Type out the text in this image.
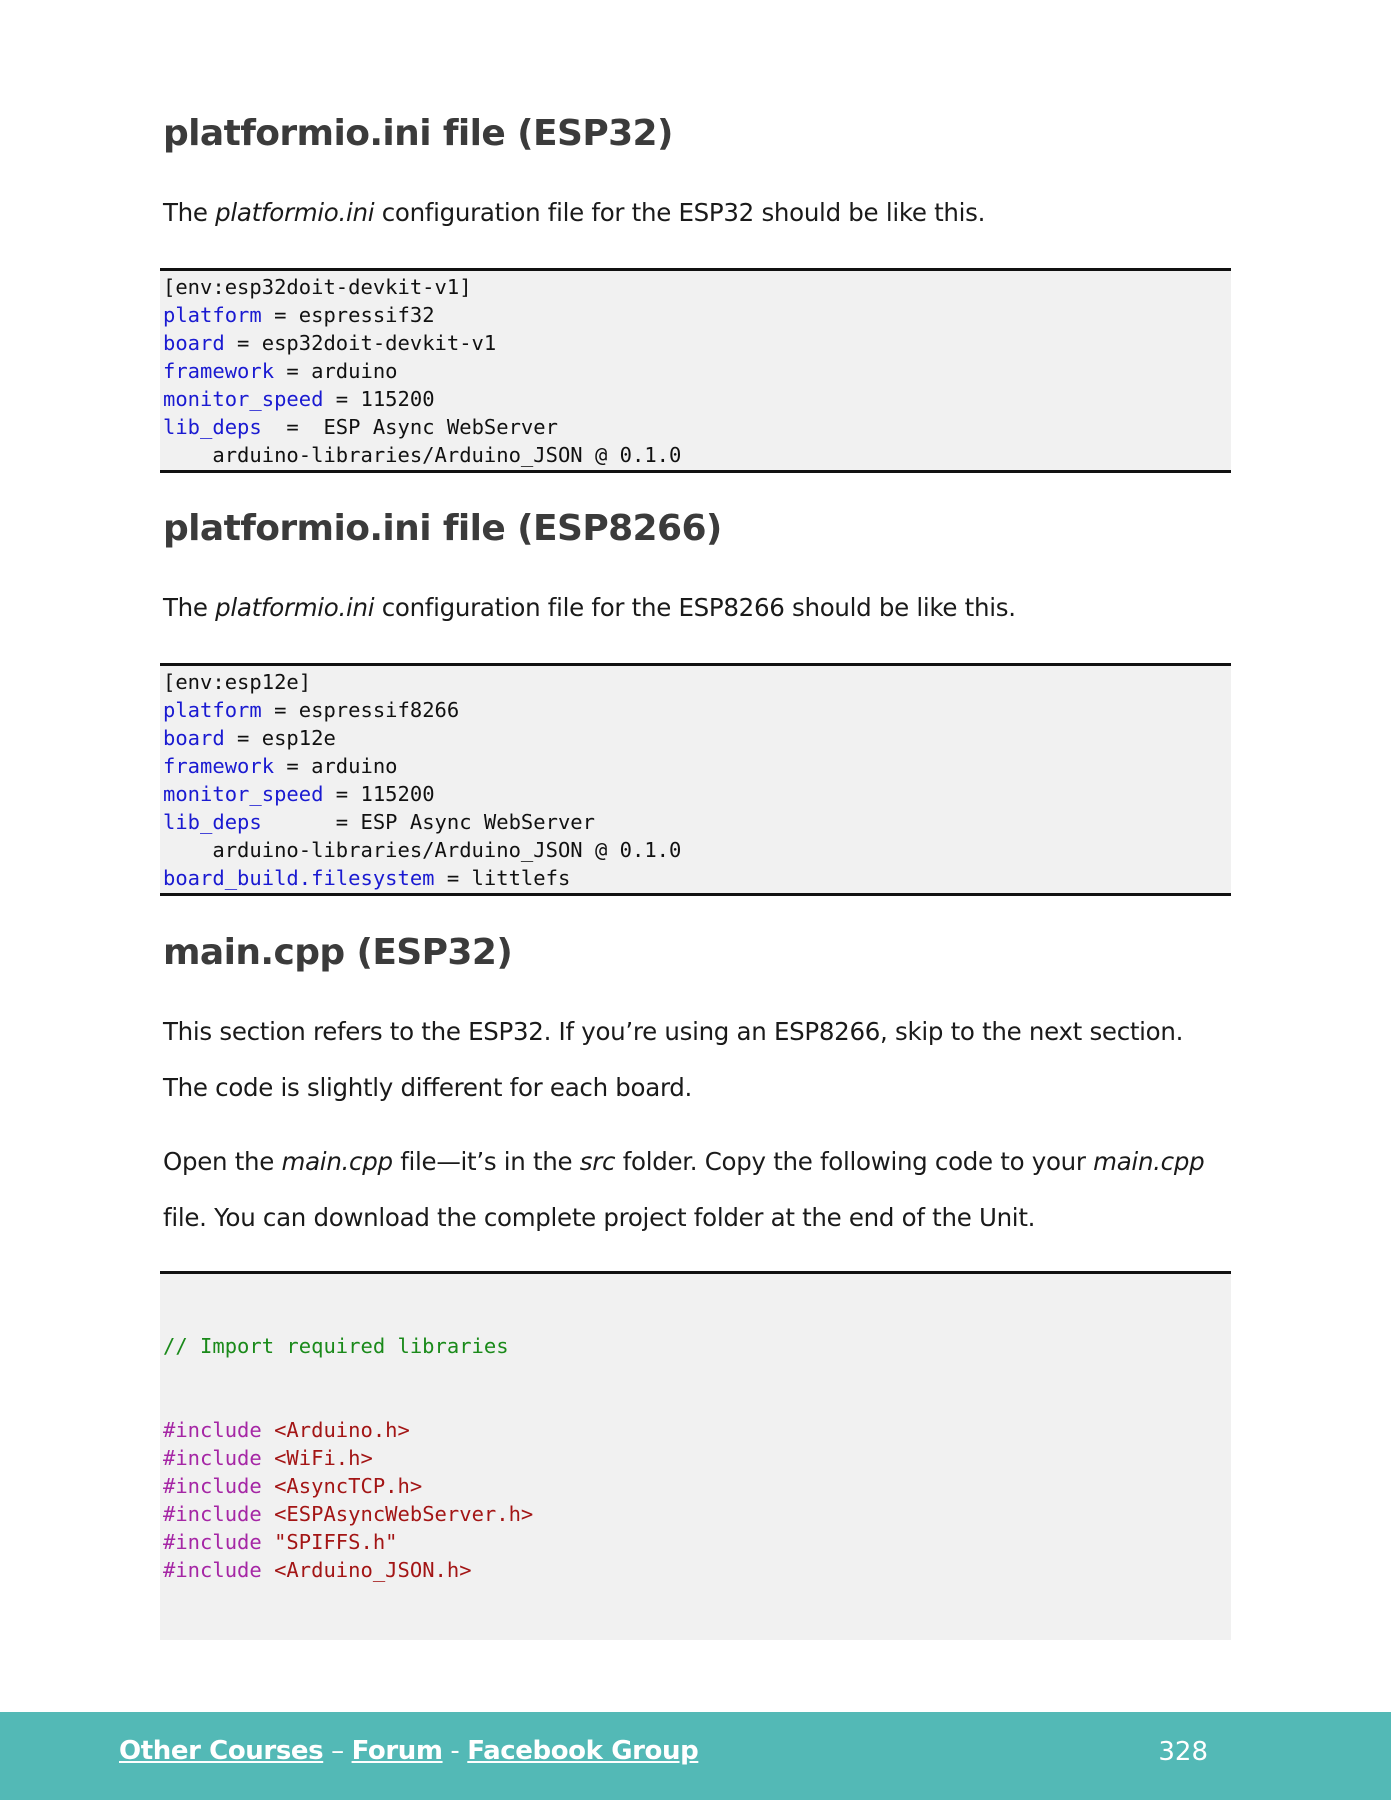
platformio.ini file (ESP32)

The platformio.ini configuration file for the ESP32 should be like this.

[env:esp32doit-devkit-v1]
platform = espressif32
board = esp32doit-devkit-v1
framework = arduino
monitor_speed = 115200
lib_deps  =  ESP Async WebServer
arduino-libraries/Arduino_JSON @ 0.1.0
platformio.ini file (ESP8266)

The platformio.ini configuration file for the ESP8266 should be like this.

[env:esp12e]
platform = espressif8266
board = esp12e
framework = arduino
monitor_speed = 115200
lib_deps      = ESP Async WebServer
arduino-libraries/Arduino_JSON @ 0.1.0
board_build.filesystem = littlefs
main.cpp (ESP32)

This section refers to the ESP32. If you’re using an ESP8266, skip to the next section.
The code is slightly different for each board.

Open the main.cpp file—it’s in the src folder. Copy the following code to your main.cpp
file. You can download the complete project folder at the end of the Unit.

// Import required libraries

#include <Arduino.h>
#include <WiFi.h>
#include <AsyncTCP.h>
#include <ESPAsyncWebServer.h>
#include "SPIFFS.h"
#include <Arduino_JSON.h>

Other Courses – Forum - Facebook Group	328
